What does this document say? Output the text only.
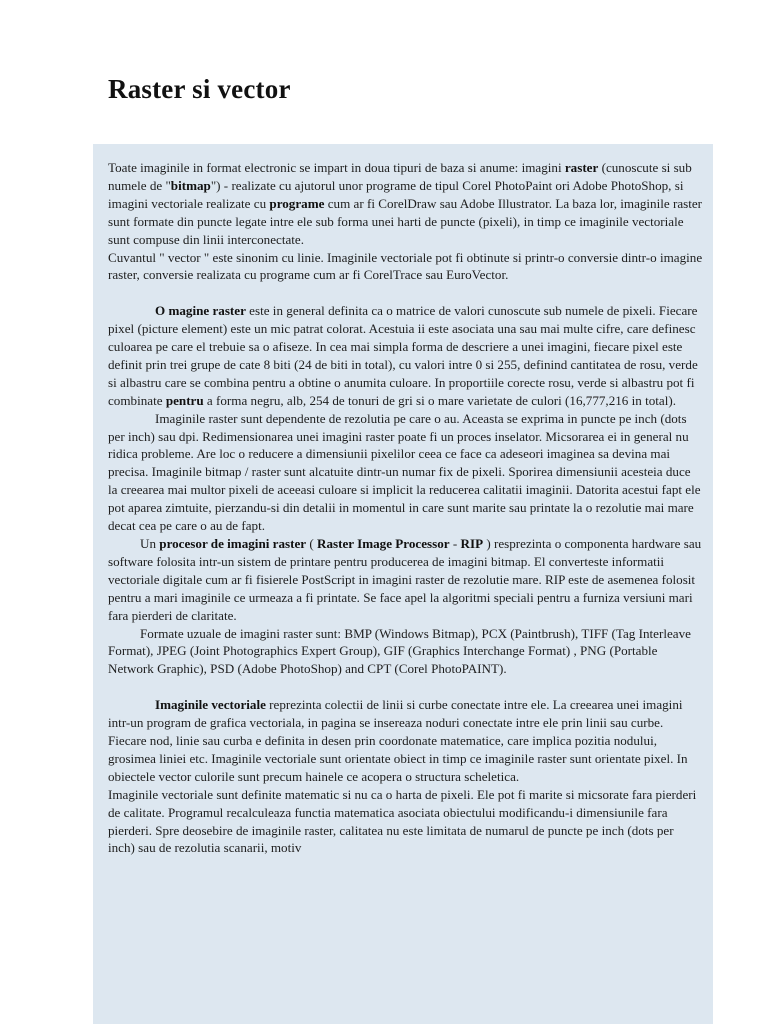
Raster si vector

Toate imaginile in format electronic se impart in doua tipuri de baza si anume: imagini raster (cunoscute si sub numele de "bitmap") - realizate cu ajutorul unor programe de tipul Corel PhotoPaint ori Adobe PhotoShop, si imagini vectoriale realizate cu programe cum ar fi CorelDraw sau Adobe Illustrator. La baza lor, imaginile raster sunt formate din puncte legate intre ele sub forma unei harti de puncte (pixeli), in timp ce imaginile vectoriale sunt compuse din linii interconectate.

Cuvantul " vector " este sinonim cu linie. Imaginile vectoriale pot fi obtinute si printr-o conversie dintr-o imagine raster, conversie realizata cu programe cum ar fi CorelTrace sau EuroVector.

O magine raster este in general definita ca o matrice de valori cunoscute sub numele de pixeli. Fiecare pixel (picture element) este un mic patrat colorat. Acestuia ii este asociata una sau mai multe cifre, care definesc culoarea pe care el trebuie sa o afiseze. In cea mai simpla forma de descriere a unei imagini, fiecare pixel este definit prin trei grupe de cate 8 biti (24 de biti in total), cu valori intre 0 si 255, definind cantitatea de rosu, verde si albastru care se combina pentru a obtine o anumita culoare. In proportiile corecte rosu, verde si albastru pot fi combinate pentru a forma negru, alb, 254 de tonuri de gri si o mare varietate de culori (16,777,216 in total).

Imaginile raster sunt dependente de rezolutia pe care o au. Aceasta se exprima in puncte pe inch (dots per inch) sau dpi. Redimensionarea unei imagini raster poate fi un proces inselator. Micsorarea ei in general nu ridica probleme. Are loc o reducere a dimensiunii pixelilor ceea ce face ca adeseori imaginea sa devina mai precisa. Imaginile bitmap / raster sunt alcatuite dintr-un numar fix de pixeli. Sporirea dimensiunii acesteia duce la creearea mai multor pixeli de aceeasi culoare si implicit la reducerea calitatii imaginii. Datorita acestui fapt ele pot aparea zimtuite, pierzandu-si din detalii in momentul in care sunt marite sau printate la o rezolutie mai mare decat cea pe care o au de fapt.

Un procesor de imagini raster ( Raster Image Processor - RIP ) resprezinta o componenta hardware sau software folosita intr-un sistem de printare pentru producerea de imagini bitmap. El converteste informatii vectoriale digitale cum ar fi fisierele PostScript in imagini raster de rezolutie mare. RIP este de asemenea folosit pentru a mari imaginile ce urmeaza a fi printate. Se face apel la algoritmi speciali pentru a furniza versiuni mari fara pierderi de claritate.

Formate uzuale de imagini raster sunt: BMP (Windows Bitmap), PCX (Paintbrush), TIFF (Tag Interleave Format), JPEG (Joint Photographics Expert Group), GIF (Graphics Interchange Format) , PNG (Portable Network Graphic), PSD (Adobe PhotoShop) and CPT (Corel PhotoPAINT).

Imaginile vectoriale reprezinta colectii de linii si curbe conectate intre ele. La creearea unei imagini intr-un program de grafica vectoriala, in pagina se insereaza noduri conectate intre ele prin linii sau curbe. Fiecare nod, linie sau curba e definita in desen prin coordonate matematice, care implica pozitia nodului, grosimea liniei etc. Imaginile vectoriale sunt orientate obiect in timp ce imaginile raster sunt orientate pixel. In obiectele vector culorile sunt precum hainele ce acopera o structura scheletica.

Imaginile vectoriale sunt definite matematic si nu ca o harta de pixeli. Ele pot fi marite si micsorate fara pierderi de calitate. Programul recalculeaza functia matematica asociata obiectului modificandu-i dimensiunile fara pierderi. Spre deosebire de imaginile raster, calitatea nu este limitata de numarul de puncte pe inch (dots per inch) sau de rezolutia scanarii, motiv
